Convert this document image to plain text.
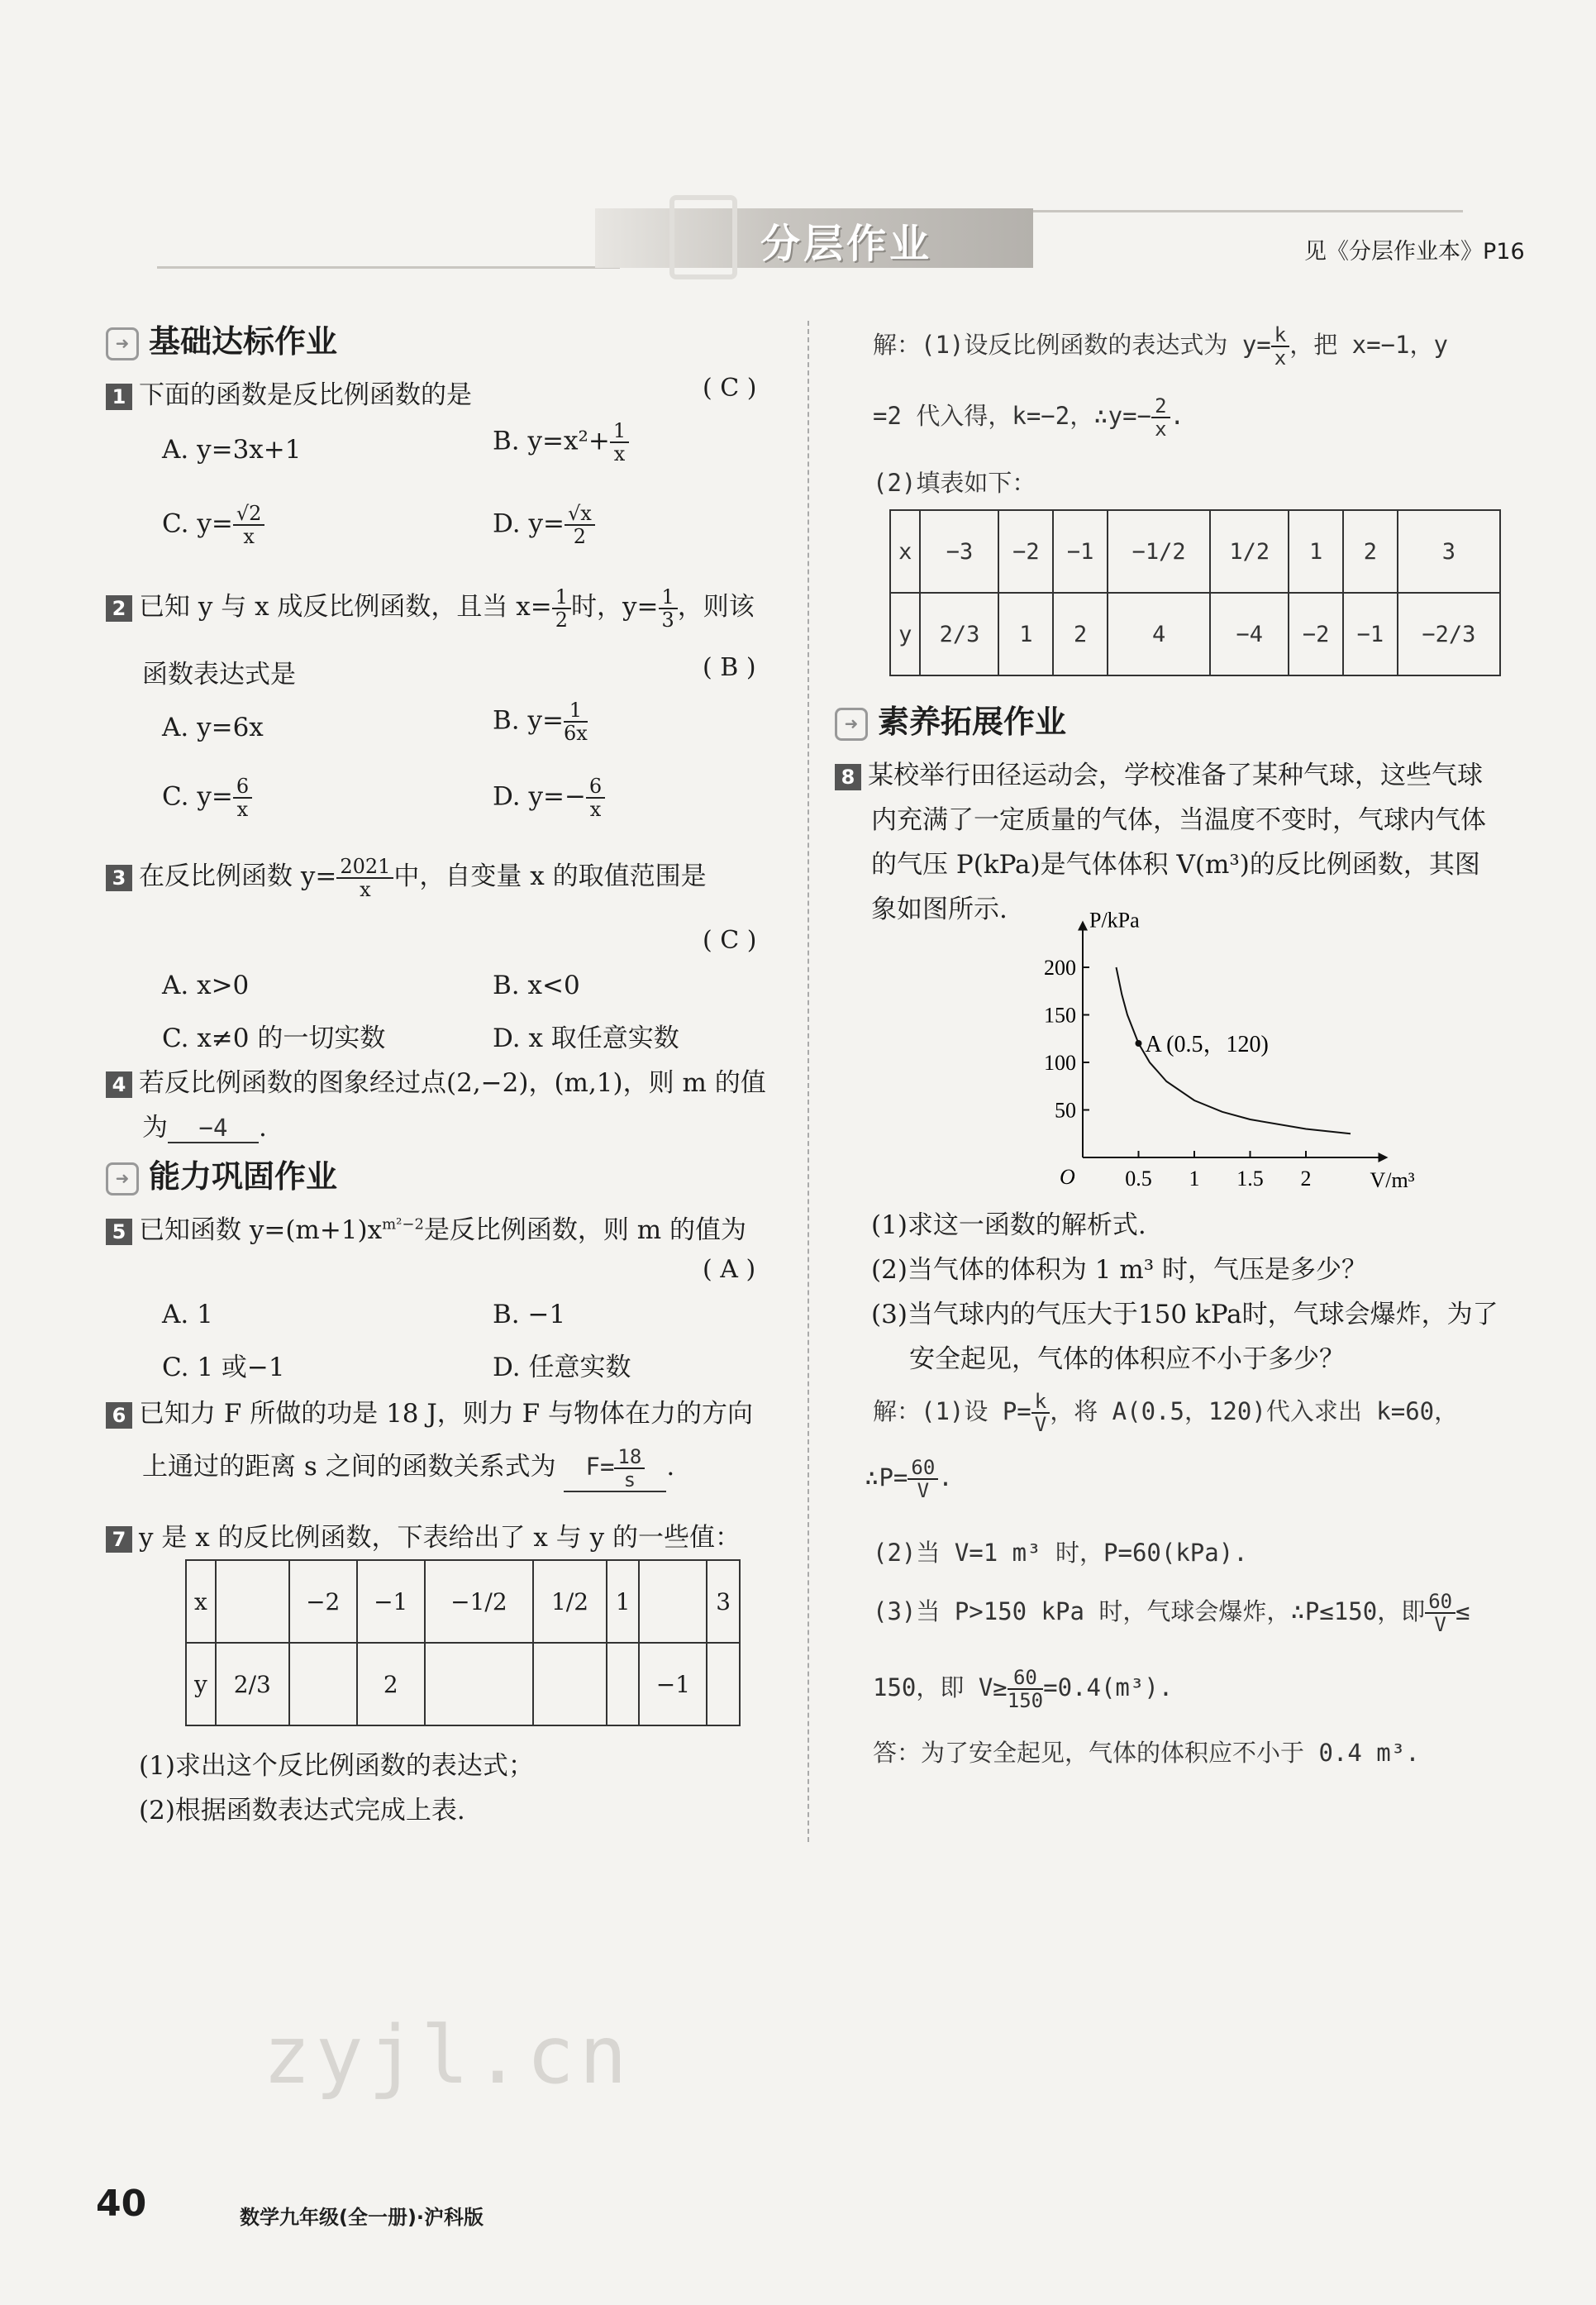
分层作业	见《分层作业本》P16
➜ 基础达标作业
1 下面的函数是反比例函数的是	( C )
A. y=3x+1	B. $y=x^2+ \frac{1}{x}$
C. $y= \frac{√2}{x}$	D. $y= \frac{√x}{2}$
2 已知 y 与 x 成反比例函数，且当 $x= \frac{1}{2}$ 时，$y= \frac{1}{3}$ ，则该
函数表达式是	( B )
A. y=6x	B. $y= \frac{1}{6x}$
C. $y= \frac{6}{x}$	D. $y=- \frac{6}{x}$
3 在反比例函数 $y= \frac{2021}{x}$ 中，自变量 x 的取值范围是
( C )
A. x>0	B. x<0
C. x≠0 的一切实数	D. x 取任意实数
4 若反比例函数的图象经过点(2,−2)，(m,1)，则 m 的值
为 −4 .
➜ 能力巩固作业
5 已知函数 $y=(m+1)x^{m^2-2}$是反比例函数，则 m 的值为
( A )
A. 1	B. −1
C. 1 或−1	D. 任意实数
6 已知力 F 所做的功是 18 J，则力 F 与物体在力的方向
上通过的距离 s 之间的函数关系式为 $F= \frac{18}{s}$ .
7 y 是 x 的反比例函数，下表给出了 x 与 y 的一些值：
x		−2	−1	−1/2	1/2	1		3
y	2/3		2				−1	
(1)求出这个反比例函数的表达式；
(2)根据函数表达式完成上表.
解：(1)设反比例函数的表达式为 $y= \frac{k}{x}$ ，把 x=−1，y
=2 代入得，k=−2，∴y=− $\frac{2}{x}$ .
(2)填表如下：
x	−3	−2	−1	−1/2	1/2	1	2	3
y	2/3	1	2	4	−4	−2	−1	−2/3
➜ 素养拓展作业
8 某校举行田径运动会，学校准备了某种气球，这些气球
内充满了一定质量的气体，当温度不变时，气球内气体
的气压 P(kPa)是气体体积 V(m³)的反比例函数，其图
象如图所示.
0.5 1 1.5 2
50
100
150
200
P/kPa
V/m³
O
A (0.5，120)
(1)求这一函数的解析式.
(2)当气体的体积为 1 m³ 时，气压是多少？
(3)当气球内的气压大于150 kPa时，气球会爆炸，为了
安全起见，气体的体积应不小于多少？
解：(1)设 $P= \frac{k}{V}$ ，将 A(0.5，120)代入求出 k=60，
∴P= $\frac{60}{V}$ .
(2)当 V=1 m³ 时，P=60(kPa).
(3)当 P>150 kPa 时，气球会爆炸，∴P≤150，即 $\frac{60}{V}$ ≤
150，即 $V\ge \frac{60}{150} =0.4(m^3)$.
答：为了安全起见，气体的体积应不小于 0.4 m³.
zyjl.cn
40	数学九年级(全一册)·沪科版
